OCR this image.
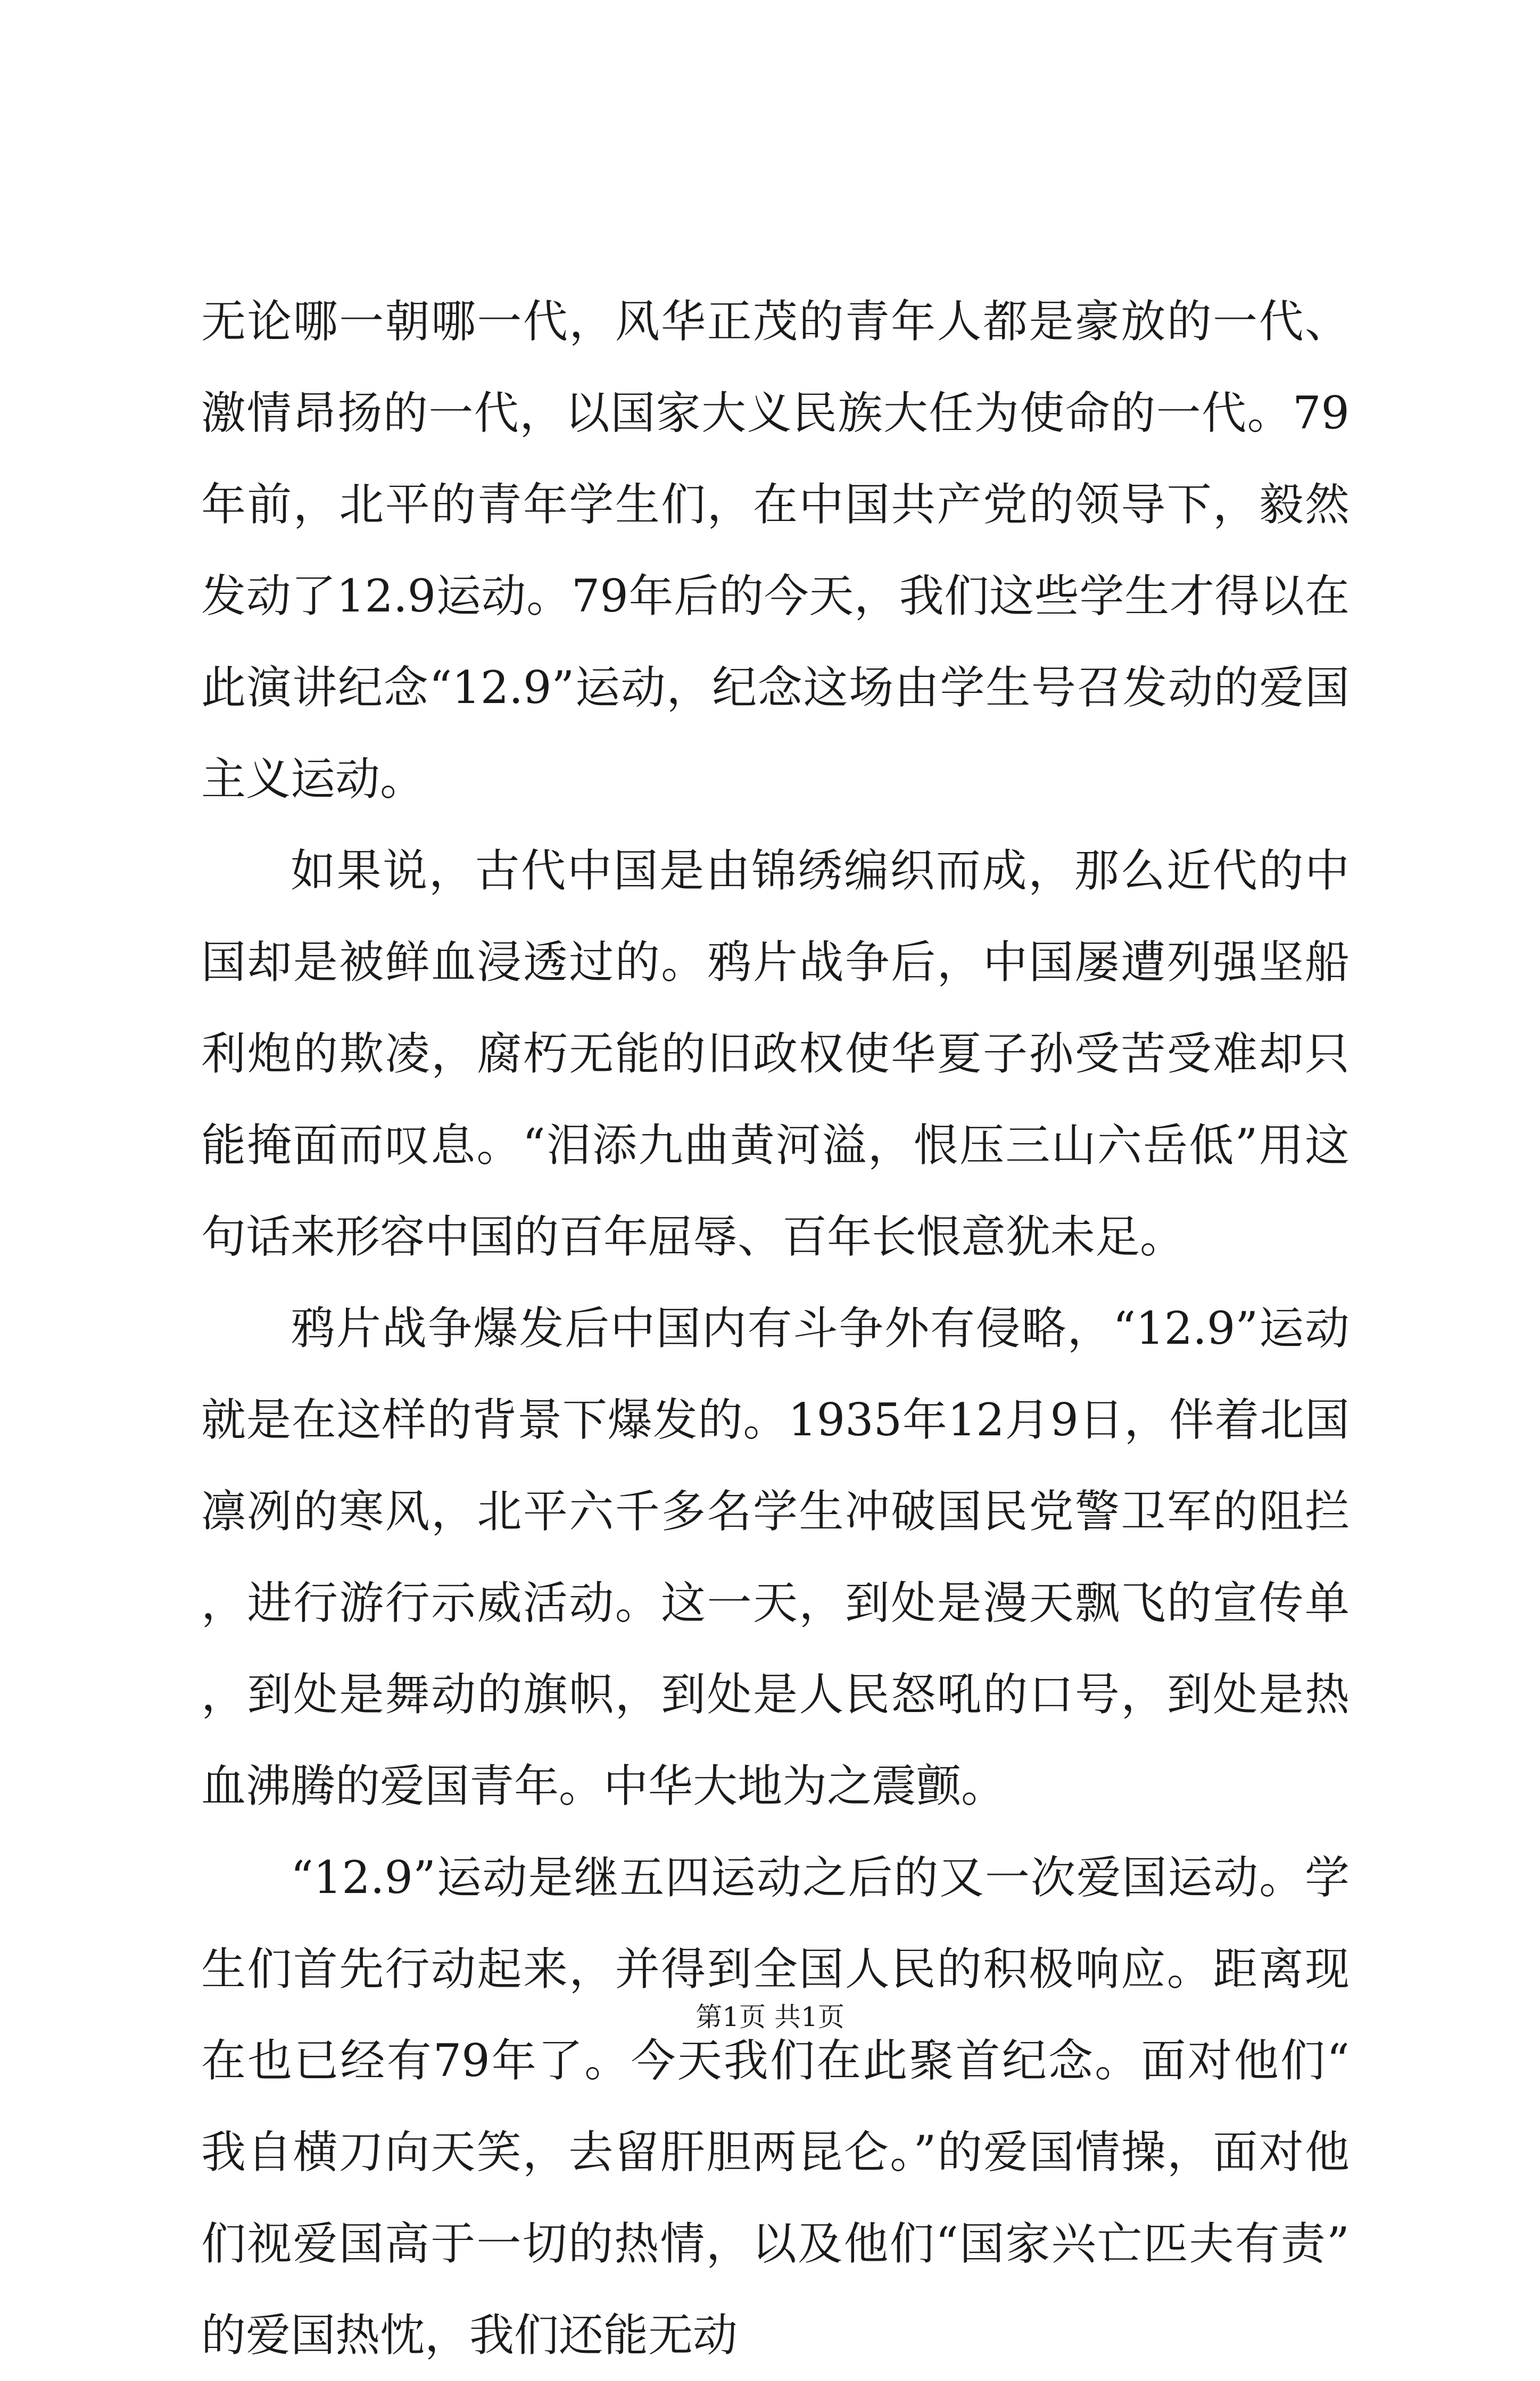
无论哪一朝哪一代，风华正茂的青年人都是豪放的一代、激情昂扬的一代，以国家大义民族大任为使命的一代。79年前，北平的青年学生们，在中国共产党的领导下，毅然发动了12.9运动。79年后的今天，我们这些学生才得以在此演讲纪念“12.9”运动，纪念这场由学生号召发动的爱国主义运动。

如果说，古代中国是由锦绣编织而成，那么近代的中国却是被鲜血浸透过的。鸦片战争后，中国屡遭列强坚船利炮的欺凌，腐朽无能的旧政权使华夏子孙受苦受难却只能掩面而叹息。“泪添九曲黄河溢，恨压三山六岳低”用这句话来形容中国的百年屈辱、百年长恨意犹未足。

鸦片战争爆发后中国内有斗争外有侵略，“12.9”运动就是在这样的背景下爆发的。1935年12月9日，伴着北国凛冽的寒风，北平六千多名学生冲破国民党警卫军的阻拦，进行游行示威活动。这一天，到处是漫天飘飞的宣传单，到处是舞动的旗帜，到处是人民怒吼的口号，到处是热血沸腾的爱国青年。中华大地为之震颤。

“12.9”运动是继五四运动之后的又一次爱国运动。学生们首先行动起来，并得到全国人民的积极响应。距离现在也已经有79年了。今天我们在此聚首纪念。面对他们“我自横刀向天笑，去留肝胆两昆仑。”的爱国情操，面对他们视爱国高于一切的热情，以及他们“国家兴亡匹夫有责”的爱国热忱，我们还能无动

第1页 共1页
